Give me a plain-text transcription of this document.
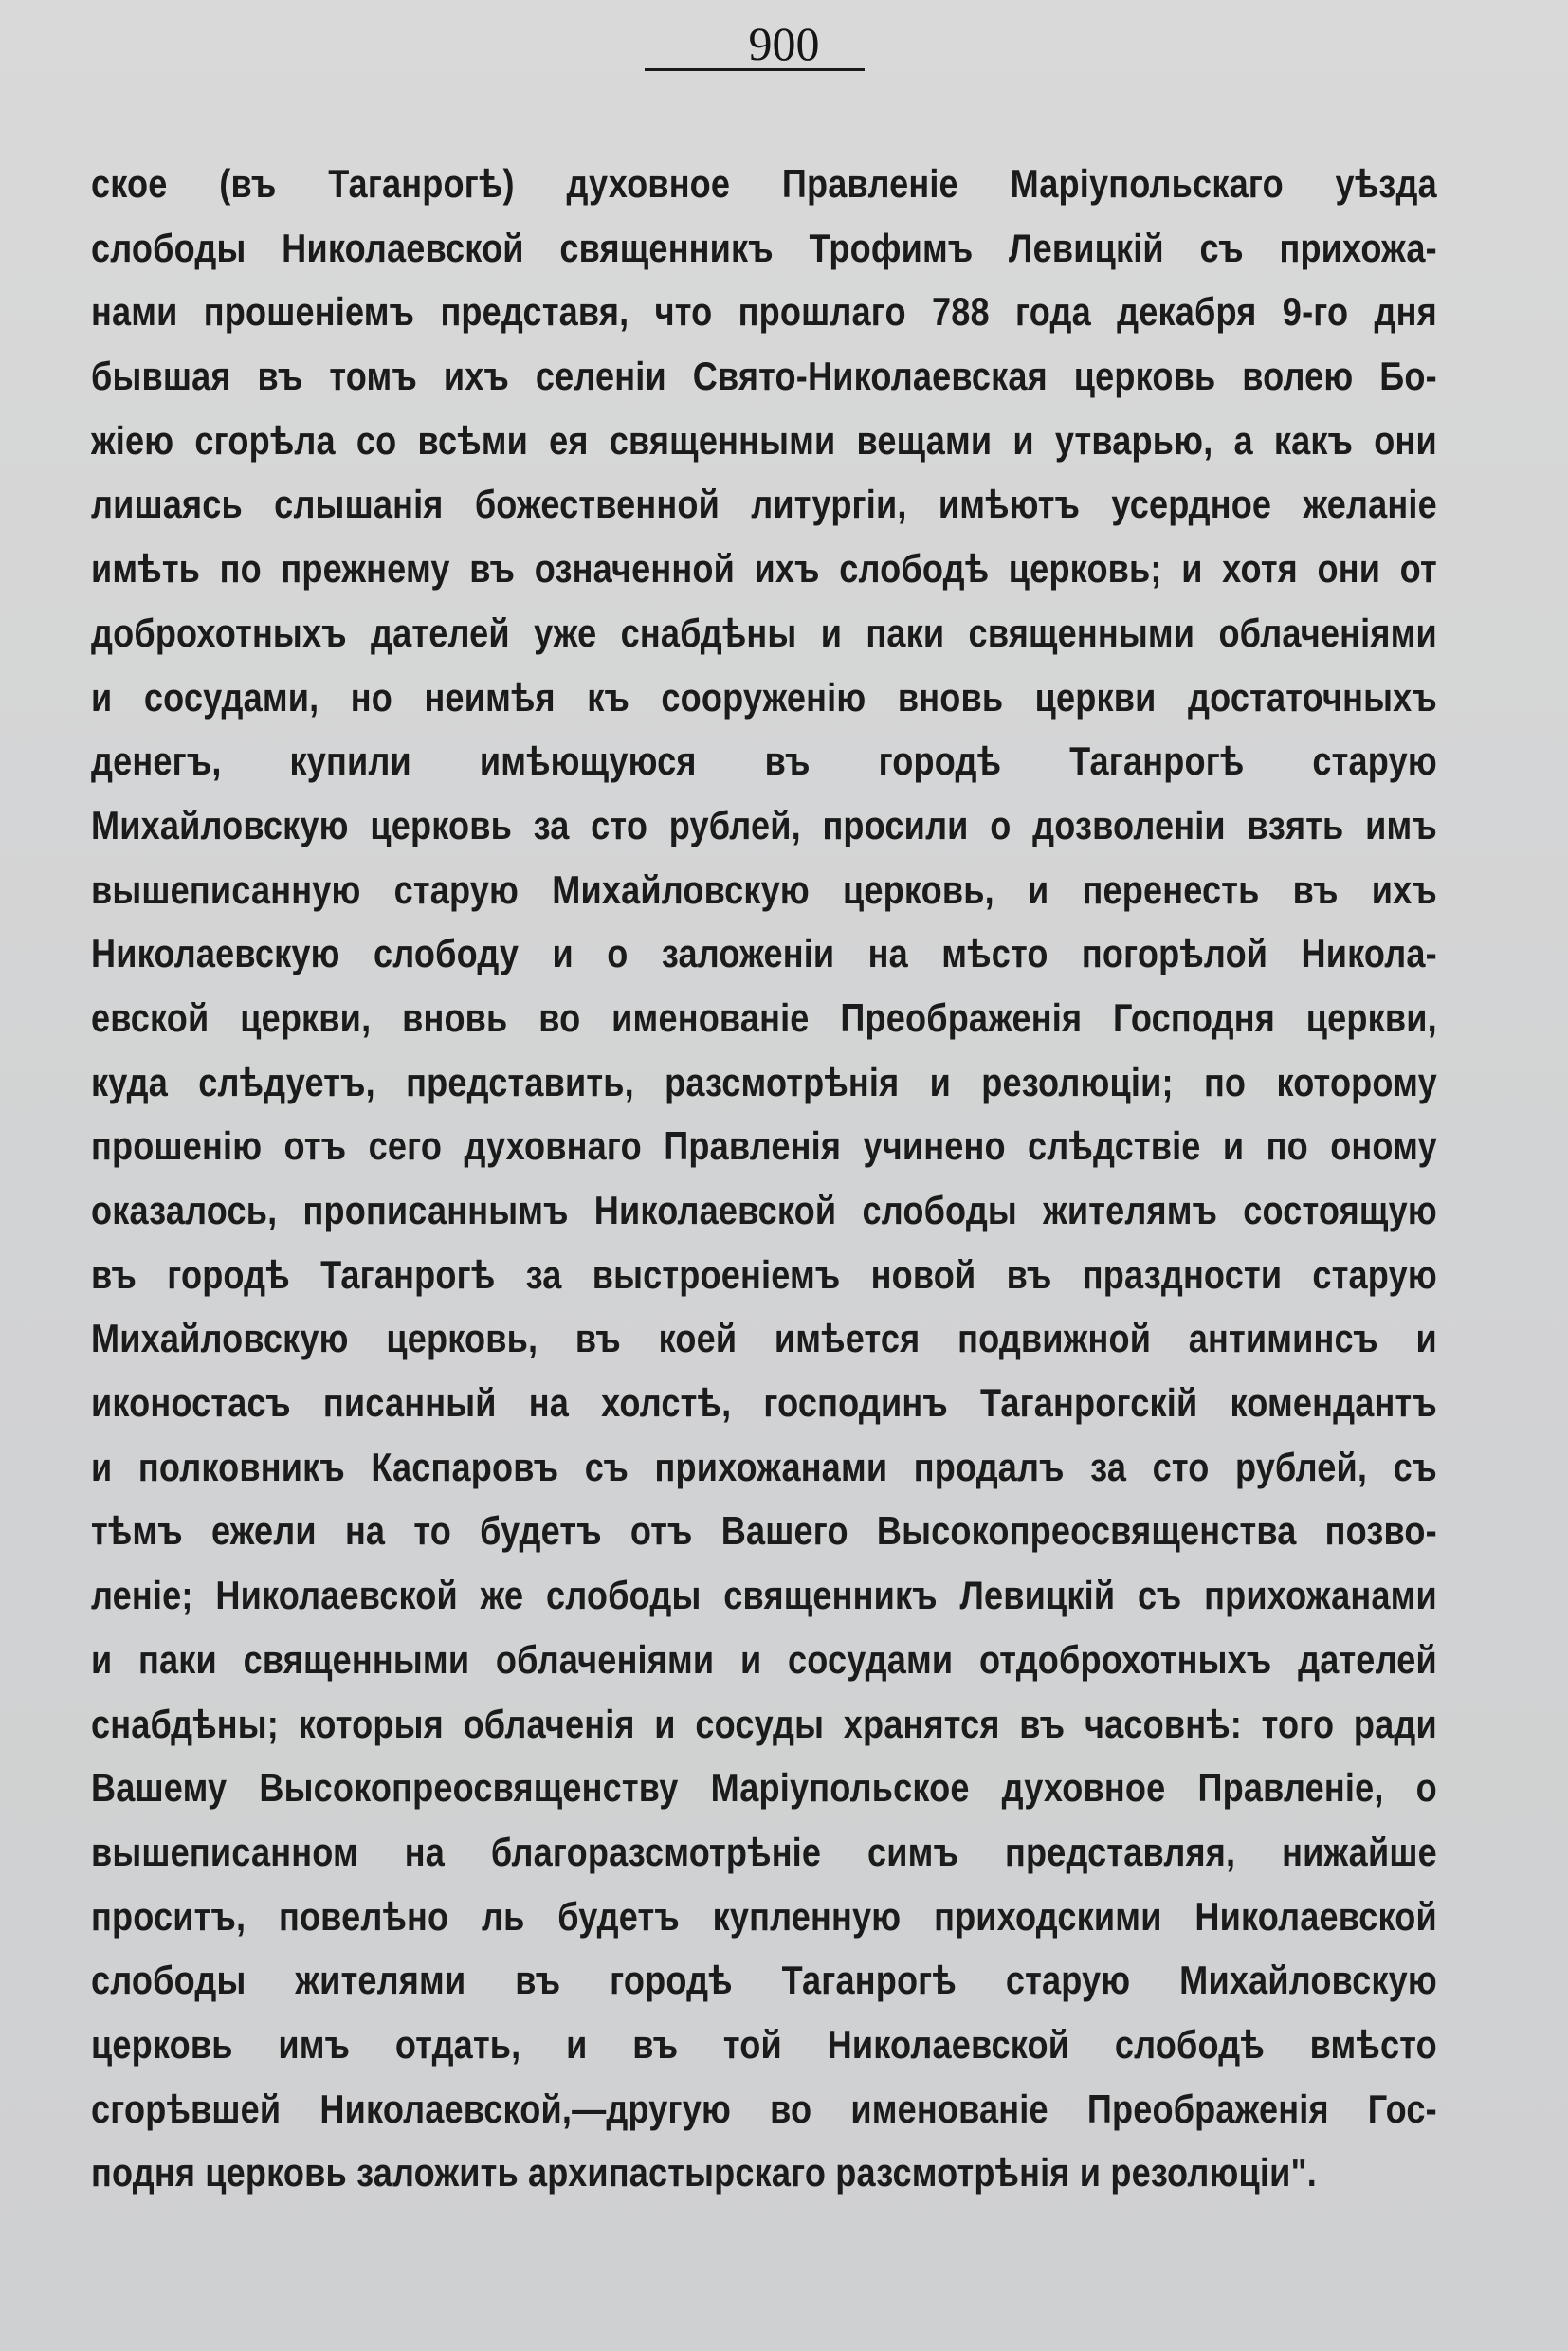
900
ское (въ Таганрогѣ) духовное Правленіе Маріупольскаго уѣзда
слободы Николаевской священникъ Трофимъ Левицкій съ прихожа-
нами прошеніемъ представя, что прошлаго 788 года декабря 9-го дня
бывшая въ томъ ихъ селеніи Свято-Николаевская церковь волею Бо-
жіею сгорѣла со всѣми ея священными вещами и утварью, а какъ они
лишаясь слышанія божественной литургіи, имѣютъ усердное желаніе
имѣть по прежнему въ означенной ихъ слободѣ церковь; и хотя они от
доброхотныхъ дателей уже снабдѣны и паки священными облаченіями
и сосудами, но неимѣя къ сооруженію вновь церкви достаточныхъ
денегъ, купили имѣющуюся въ городѣ Таганрогѣ старую
Михайловскую церковь за сто рублей, просили о дозволеніи взять имъ
вышеписанную старую Михайловскую церковь, и перенесть въ ихъ
Николаевскую слободу и о заложеніи на мѣсто погорѣлой Никола-
евской церкви, вновь во именованіе Преображенія Господня церкви,
куда слѣдуетъ, представить, разсмотрѣнія и резолюціи; по которому
прошенію отъ сего духовнаго Правленія учинено слѣдствіе и по оному
оказалось, прописаннымъ Николаевской слободы жителямъ состоящую
въ городѣ Таганрогѣ за выстроеніемъ новой въ праздности старую
Михайловскую церковь, въ коей имѣется подвижной антиминсъ и
иконостасъ писанный на холстѣ, господинъ Таганрогскій комендантъ
и полковникъ Каспаровъ съ прихожанами продалъ за сто рублей, съ
тѣмъ ежели на то будетъ отъ Вашего Высокопреосвященства позво-
леніе; Николаевской же слободы священникъ Левицкій съ прихожанами
и паки священными облаченіями и сосудами отдоброхотныхъ дателей
снабдѣны; которыя облаченія и сосуды хранятся въ часовнѣ: того ради
Вашему Высокопреосвященству Маріупольское духовное Правленіе, о
вышеписанном на благоразсмотрѣніе симъ представляя, нижайше
проситъ, повелѣно ль будетъ купленную приходскими Николаевской
слободы жителями въ городѣ Таганрогѣ старую Михайловскую
церковь имъ отдать, и въ той Николаевской слободѣ вмѣсто
сгорѣвшей Николаевской,—другую во именованіе Преображенія Гос-
подня церковь заложить архипастырскаго разсмотрѣнія и резолюціи".
